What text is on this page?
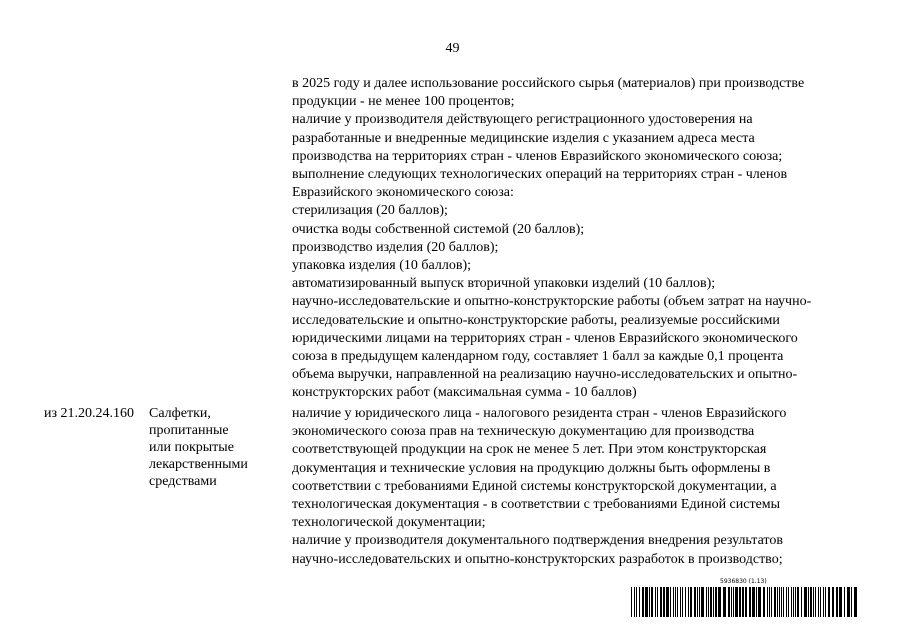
49
в 2025 году и далее использование российского сырья (материалов) при производстве
продукции - не менее 100 процентов;
наличие у производителя действующего регистрационного удостоверения на
разработанные и внедренные медицинские изделия с указанием адреса места
производства на территориях стран - членов Евразийского экономического союза;
выполнение следующих технологических операций на территориях стран - членов
Евразийского экономического союза:
стерилизация (20 баллов);
очистка воды собственной системой (20 баллов);
производство изделия (20 баллов);
упаковка изделия (10 баллов);
автоматизированный выпуск вторичной упаковки изделий (10 баллов);
научно-исследовательские и опытно-конструкторские работы (объем затрат на научно-
исследовательские и опытно-конструкторские работы, реализуемые российскими
юридическими лицами на территориях стран - членов Евразийского экономического
союза в предыдущем календарном году, составляет 1 балл за каждые 0,1 процента
объема выручки, направленной на реализацию научно-исследовательских и опытно-
конструкторских работ (максимальная сумма - 10 баллов)
из 21.20.24.160 Салфетки,
пропитанные
или покрытые
лекарственными
средствами
наличие у юридического лица - налогового резидента стран - членов Евразийского
экономического союза прав на техническую документацию для производства
соответствующей продукции на срок не менее 5 лет. При этом конструкторская
документация и технические условия на продукцию должны быть оформлены в
соответствии с требованиями Единой системы конструкторской документации, а
технологическая документация - в соответствии с требованиями Единой системы
технологической документации;
наличие у производителя документального подтверждения внедрения результатов
научно-исследовательских и опытно-конструкторских разработок в производство;
5936830 (1.13)
